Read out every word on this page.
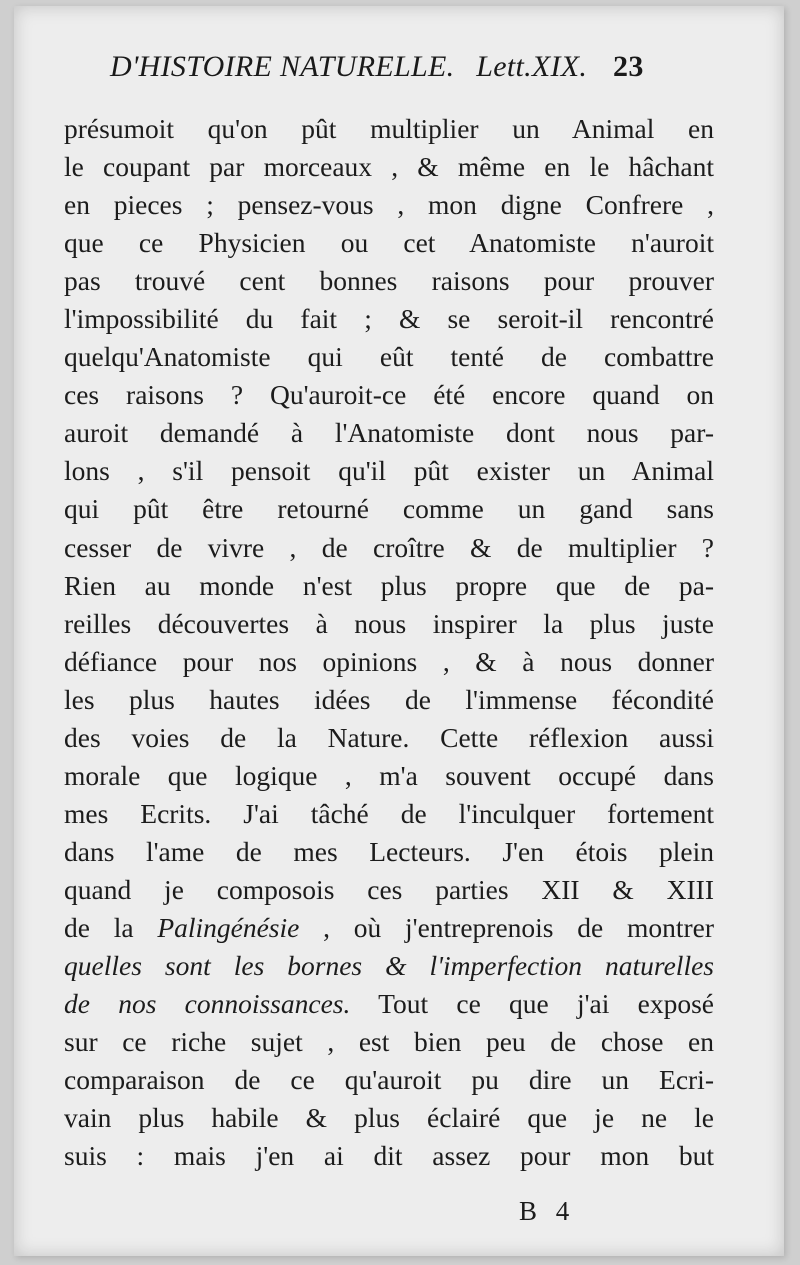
D'HISTOIRE NATURELLE. Lett.XIX. 23
présumoit qu'on pût multiplier un Animal en
le coupant par morceaux , & même en le hâchant
en pieces ; pensez-vous , mon digne Confrere ,
que ce Physicien ou cet Anatomiste n'auroit
pas trouvé cent bonnes raisons pour prouver
l'impossibilité du fait ; & se seroit-il rencontré
quelqu'Anatomiste qui eût tenté de combattre
ces raisons ? Qu'auroit-ce été encore quand on
auroit demandé à l'Anatomiste dont nous par-
lons , s'il pensoit qu'il pût exister un Animal
qui pût être retourné comme un gand sans
cesser de vivre , de croître & de multiplier ?
Rien au monde n'est plus propre que de pa-
reilles découvertes à nous inspirer la plus juste
défiance pour nos opinions , & à nous donner
les plus hautes idées de l'immense fécondité
des voies de la Nature. Cette réflexion aussi
morale que logique , m'a souvent occupé dans
mes Ecrits. J'ai tâché de l'inculquer fortement
dans l'ame de mes Lecteurs. J'en étois plein
quand je composois ces parties XII & XIII
de la Palingénésie , où j'entreprenois de montrer
quelles sont les bornes & l'imperfection naturelles
de nos connoissances. Tout ce que j'ai exposé
sur ce riche sujet , est bien peu de chose en
comparaison de ce qu'auroit pu dire un Ecri-
vain plus habile & plus éclairé que je ne le
suis : mais j'en ai dit assez pour mon but
B 4
